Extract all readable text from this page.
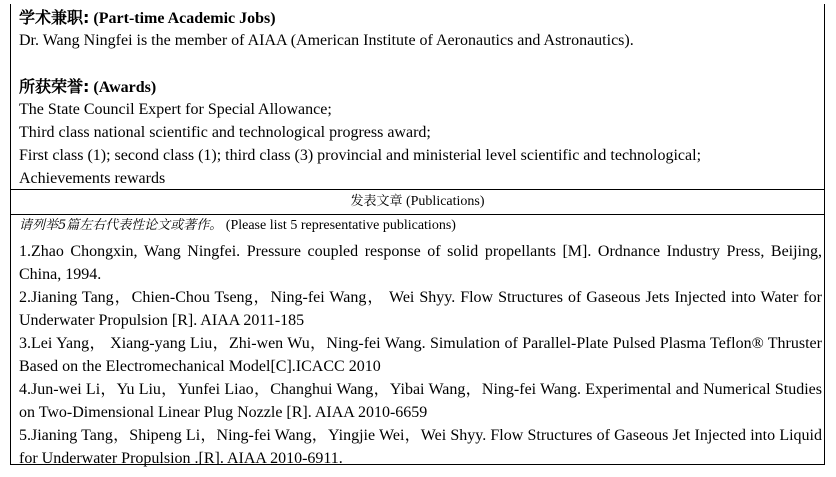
学术兼职: (Part-time Academic Jobs)
Dr. Wang Ningfei is the member of AIAA (American Institute of Aeronautics and Astronautics).
所获荣誉: (Awards)
The State Council Expert for Special Allowance;
Third class national scientific and technological progress award;
First class (1); second class (1); third class (3) provincial and ministerial level scientific and technological;
Achievements rewards
发表文章 (Publications)
请列举5篇左右代表性论文或著作。 (Please list 5 representative publications)
1.Zhao Chongxin, Wang Ningfei. Pressure coupled response of solid propellants [M]. Ordnance Industry Press, Beijing, China, 1994.
2.Jianing Tang，Chien-Chou Tseng，Ning-fei Wang， Wei Shyy. Flow Structures of Gaseous Jets Injected into Water for Underwater Propulsion [R]. AIAA 2011-185
3.Lei Yang， Xiang-yang Liu，Zhi-wen Wu，Ning-fei Wang. Simulation of Parallel-Plate Pulsed Plasma Teflon® Thruster Based on the Electromechanical Model[C].ICACC 2010
4.Jun-wei Li，Yu Liu，Yunfei Liao，Changhui Wang，Yibai Wang，Ning-fei Wang. Experimental and Numerical Studies on Two-Dimensional Linear Plug Nozzle [R]. AIAA 2010-6659
5.Jianing Tang，Shipeng Li，Ning-fei Wang，Yingjie Wei，Wei Shyy. Flow Structures of Gaseous Jet Injected into Liquid for Underwater Propulsion .[R]. AIAA 2010-6911.
